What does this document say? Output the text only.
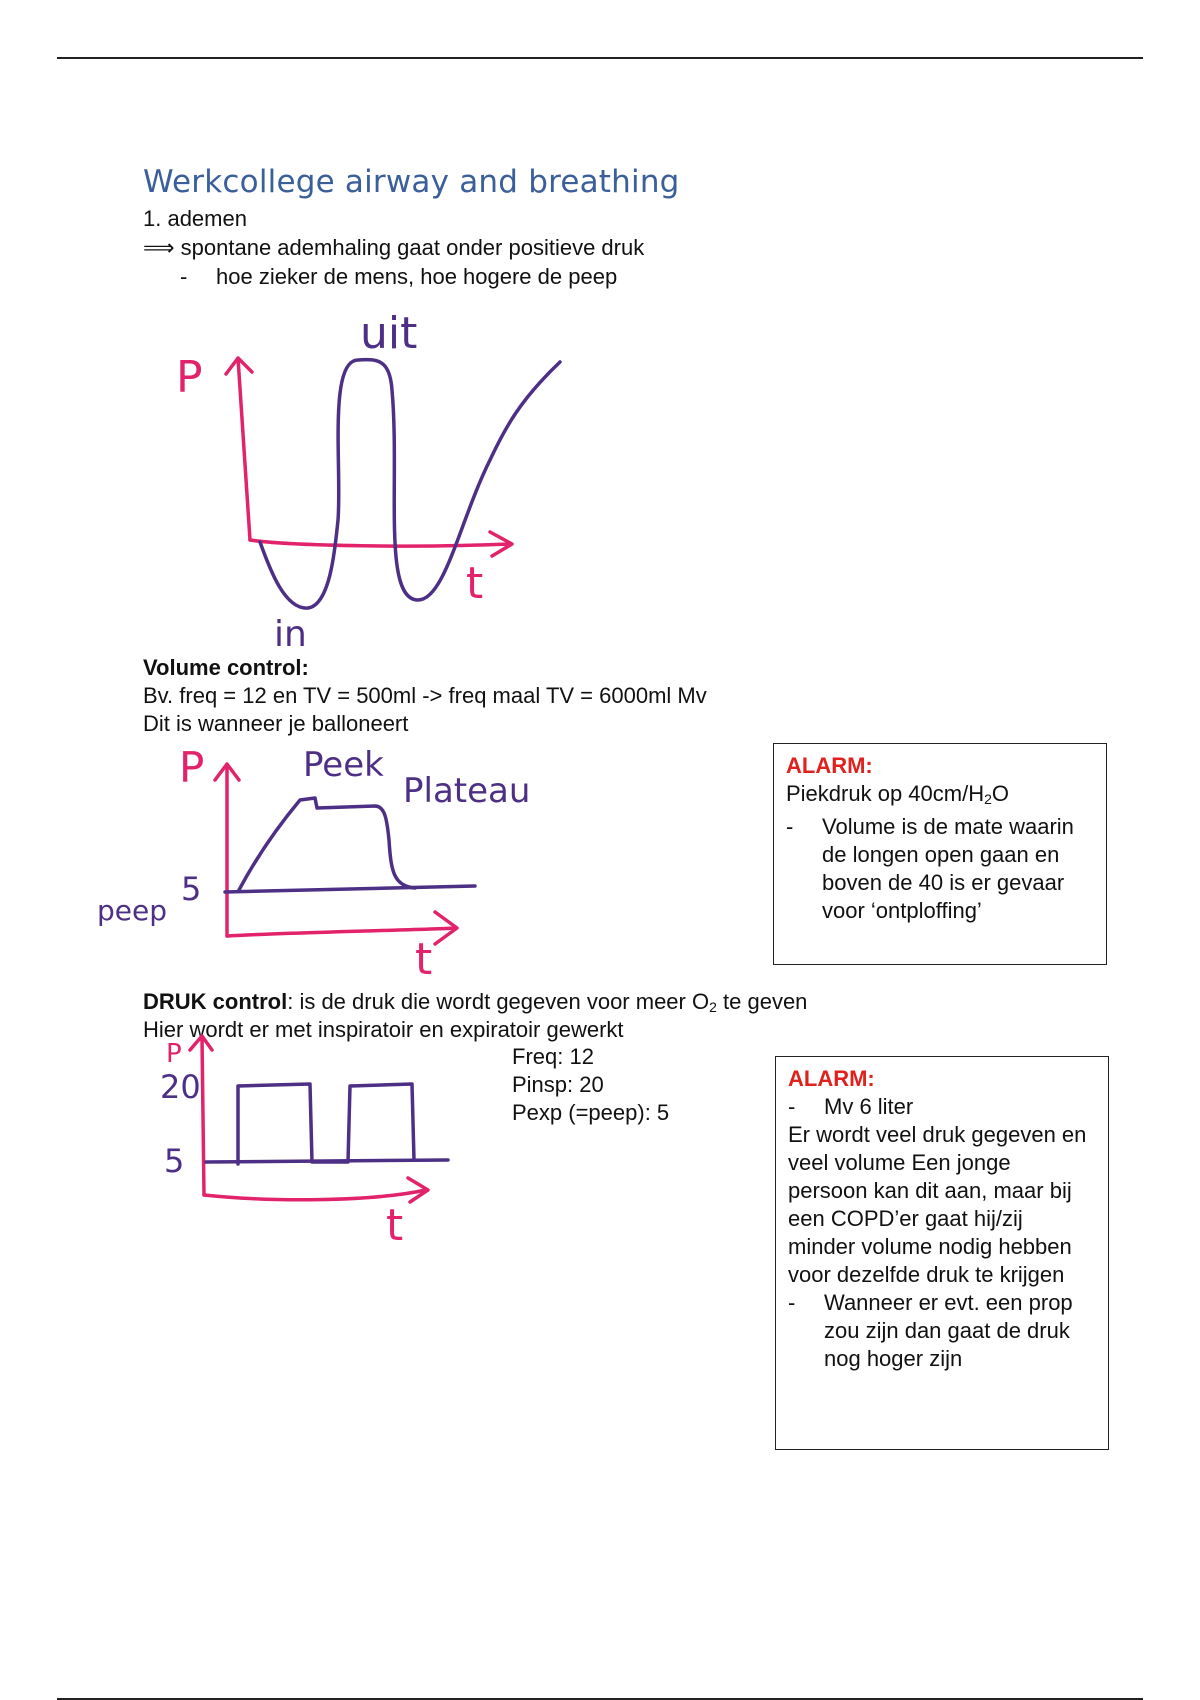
Werkcollege airway and breathing
1. ademen
⟹ spontane ademhaling gaat onder positieve druk
- hoe zieker de mens, hoe hogere de peep
P
t
uit
in
Volume control:
Bv. freq = 12 en TV = 500ml -> freq maal TV = 6000ml Mv
Dit is wanneer je balloneert
P
t
Peek
Plateau
peep
5
ALARM:
Piekdruk op $40cm/H_2O$
-	Volume is de mate waarin de longen open gaan en boven de 40 is er gevaar voor ‘ontploffing’
DRUK control: is de druk die wordt gegeven voor meer $O_2$ te geven
Hier wordt er met inspiratoir en expiratoir gewerkt
Freq: 12
Pinsp: 20
Pexp (=peep): 5
P
20
5
t
ALARM:
-	Mv 6 liter
Er wordt veel druk gegeven en veel volume Een jonge persoon kan dit aan, maar bij een COPD’er gaat hij/zij minder volume nodig hebben voor dezelfde druk te krijgen
-	Wanneer er evt. een prop zou zijn dan gaat de druk nog hoger zijn
